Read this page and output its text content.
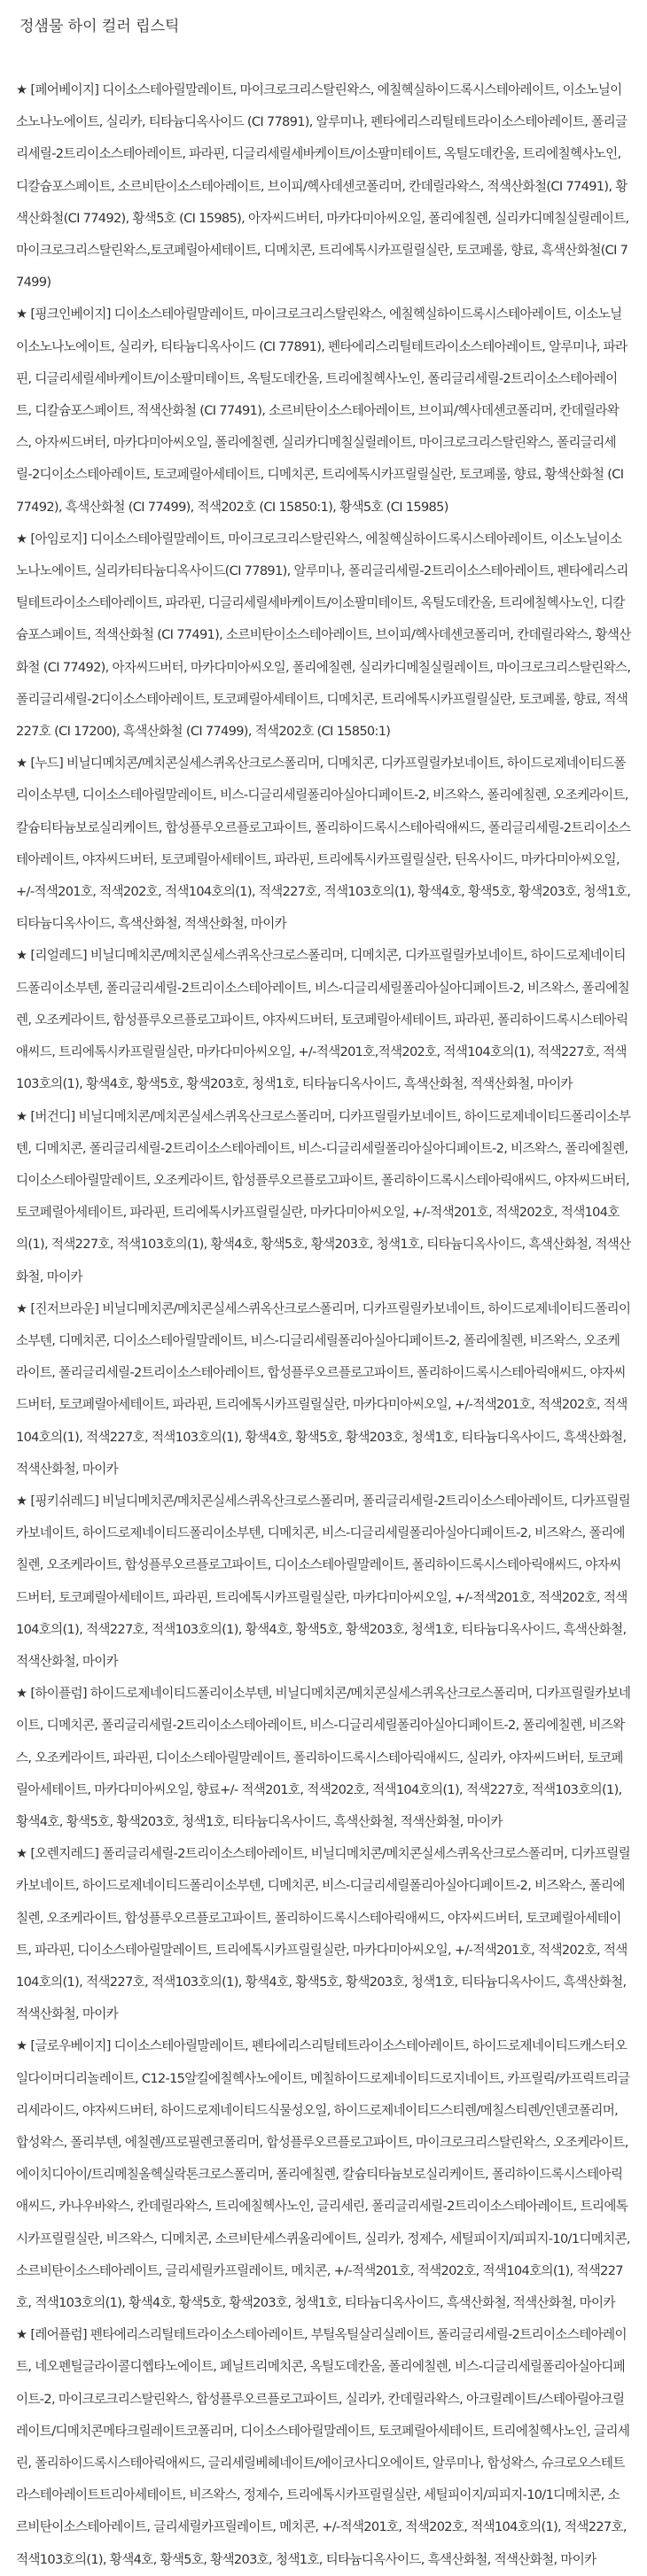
정샘물 하이 컬러 립스틱

★ [페어베이지] 디이소스테아릴말레이트, 마이크로크리스탈린왁스, 에칠헥실하이드록시스테아레이트, 이소노닐이소노나노에이트, 실리카, 티타늄디옥사이드 (CI 77891), 알루미나, 펜타에리스리틸테트라이소스테아레이트, 폴리글리세릴-2트리이소스테아레이트, 파라핀, 디글리세릴세바케이트/이소팔미테이트, 옥틸도데칸올, 트리에칠헥사노인, 디칼슘포스페이트, 소르비탄이소스테아레이트, 브이피/헥사데센코폴리머, 칸데릴라왁스, 적색산화철(CI 77491), 황색산화철(CI 77492), 황색5호 (CI 15985), 아자씨드버터, 마카다미아씨오일, 폴리에칠렌, 실리카디메칠실릴레이트, 마이크로크리스탈린왁스,토코페릴아세테이트, 디메치콘, 트리에톡시카프릴릴실란, 토코페롤, 향료, 흑색산화철(CI 77499)

★ [핑크인베이지] 디이소스테아릴말레이트, 마이크로크리스탈린왁스, 에칠헥실하이드록시스테아레이트, 이소노닐이소노나노에이트, 실리카, 티타늄디옥사이드 (CI 77891), 펜타에리스리틸테트라이소스테아레이트, 알루미나, 파라핀, 디글리세릴세바케이트/이소팔미테이트, 옥틸도데칸올, 트리에칠헥사노인, 폴리글리세릴-2트리이소스테아레이트, 디칼슘포스페이트, 적색산화철 (CI 77491), 소르비탄이소스테아레이트, 브이피/헥사데센코폴리머, 칸데릴라왁스, 아자씨드버터, 마카다미아씨오일, 폴리에칠렌, 실리카디메칠실릴레이트, 마이크로크리스탈린왁스, 폴리글리세릴-2디이소스테아레이트, 토코페릴아세테이트, 디메치콘, 트리에톡시카프릴릴실란, 토코페롤, 향료, 황색산화철 (CI 77492), 흑색산화철 (CI 77499), 적색202호 (CI 15850:1), 황색5호 (CI 15985)

★ [아임로지] 디이소스테아릴말레이트, 마이크로크리스탈린왁스, 에칠헥실하이드록시스테아레이트, 이소노닐이소노나노에이트, 실리카티타늄디옥사이드(CI 77891), 알루미나, 폴리글리세릴-2트리이소스테아레이트, 펜타에리스리틸테트라이소스테아레이트, 파라핀, 디글리세릴세바케이트/이소팔미테이트, 옥틸도데칸올, 트리에칠헥사노인, 디칼슘포스페이트, 적색산화철 (CI 77491), 소르비탄이소스테아레이트, 브이피/헥사데센코폴리머, 칸데릴라왁스, 황색산화철 (CI 77492), 아자씨드버터, 마카다미아씨오일, 폴리에칠렌, 실리카디메칠실릴레이트, 마이크로크리스탈린왁스, 폴리글리세릴-2디이소스테아레이트, 토코페릴아세테이트, 디메치콘, 트리에톡시카프릴릴실란, 토코페롤, 향료, 적색227호 (CI 17200), 흑색산화철 (CI 77499), 적색202호 (CI 15850:1)

★ [누드] 비닐디메치콘/메치콘실세스퀴옥산크로스폴리머, 디메치콘, 디카프릴릴카보네이트, 하이드로제네이티드폴리이소부텐, 디이소스테아릴말레이트, 비스-디글리세릴폴리아실아디페이트-2, 비즈왁스, 폴리에칠렌, 오조케라이트, 칼슘티타늄보로실리케이트, 합성플루오르플로고파이트, 폴리하이드록시스테아릭애씨드, 폴리글리세릴-2트리이소스테아레이트, 야자씨드버터, 토코페릴아세테이트, 파라핀, 트리에톡시카프릴릴실란, 틴옥사이드, 마카다미아씨오일, +/-적색201호, 적색202호, 적색104호의(1), 적색227호, 적색103호의(1), 황색4호, 황색5호, 황색203호, 청색1호, 티타늄디옥사이드, 흑색산화철, 적색산화철, 마이카

★ [리얼레드] 비닐디메치콘/메치콘실세스퀴옥산크로스폴리머, 디메치콘, 디카프릴릴카보네이트, 하이드로제네이티드폴리이소부텐, 폴리글리세릴-2트리이소스테아레이트, 비스-디글리세릴폴리아실아디페이트-2, 비즈왁스, 폴리에칠렌, 오조케라이트, 합성플루오르플로고파이트, 야자씨드버터, 토코페릴아세테이트, 파라핀, 폴리하이드록시스테아릭애씨드, 트리에톡시카프릴릴실란, 마카다미아씨오일, +/-적색201호,적색202호, 적색104호의(1), 적색227호, 적색103호의(1), 황색4호, 황색5호, 황색203호, 청색1호, 티타늄디옥사이드, 흑색산화철, 적색산화철, 마이카

★ [버건디] 비닐디메치콘/메치콘실세스퀴옥산크로스폴리머, 디카프릴릴카보네이트, 하이드로제네이티드폴리이소부텐, 디메치콘, 폴리글리세릴-2트리이소스테아레이트, 비스-디글리세릴폴리아실아디페이트-2, 비즈왁스, 폴리에칠렌, 디이소스테아릴말레이트, 오조케라이트, 합성플루오르플로고파이트, 폴리하이드록시스테아릭애씨드, 야자씨드버터, 토코페릴아세테이트, 파라핀, 트리에톡시카프릴릴실란, 마카다미아씨오일, +/-적색201호, 적색202호, 적색104호의(1), 적색227호, 적색103호의(1), 황색4호, 황색5호, 황색203호, 청색1호, 티타늄디옥사이드, 흑색산화철, 적색산화철, 마이카

★ [진저브라운] 비닐디메치콘/메치콘실세스퀴옥산크로스폴리머, 디카프릴릴카보네이트, 하이드로제네이티드폴리이소부텐, 디메치콘, 디이소스테아릴말레이트, 비스-디글리세릴폴리아실아디페이트-2, 폴리에칠렌, 비즈왁스, 오조케라이트, 폴리글리세릴-2트리이소스테아레이트, 합성플루오르플로고파이트, 폴리하이드록시스테아릭애씨드, 야자씨드버터, 토코페릴아세테이트, 파라핀, 트리에톡시카프릴릴실란, 마카다미아씨오일, +/-적색201호, 적색202호, 적색104호의(1), 적색227호, 적색103호의(1), 황색4호, 황색5호, 황색203호, 청색1호, 티타늄디옥사이드, 흑색산화철, 적색산화철, 마이카

★ [핑키쉬레드] 비닐디메치콘/메치콘실세스퀴옥산크로스폴리머, 폴리글리세릴-2트리이소스테아레이트, 디카프릴릴카보네이트, 하이드로제네이티드폴리이소부텐, 디메치콘, 비스-디글리세릴폴리아실아디페이트-2, 비즈왁스, 폴리에칠렌, 오조케라이트, 합성플루오르플로고파이트, 디이소스테아릴말레이트, 폴리하이드록시스테아릭애씨드, 야자씨드버터, 토코페릴아세테이트, 파라핀, 트리에톡시카프릴릴실란, 마카다미아씨오일, +/-적색201호, 적색202호, 적색104호의(1), 적색227호, 적색103호의(1), 황색4호, 황색5호, 황색203호, 청색1호, 티타늄디옥사이드, 흑색산화철, 적색산화철, 마이카

★ [하이플럼] 하이드로제네이티드폴리이소부텐, 비닐디메치콘/메치콘실세스퀴옥산크로스폴리머, 디카프릴릴카보네이트, 디메치콘, 폴리글리세릴-2트리이소스테아레이트, 비스-디글리세릴폴리아실아디페이트-2, 폴리에칠렌, 비즈왁스, 오조케라이트, 파라핀, 디이소스테아릴말레이트, 폴리하이드록시스테아릭애씨드, 실리카, 야자씨드버터, 토코페릴아세테이트, 마카다미아씨오일, 향료+/- 적색201호, 적색202호, 적색104호의(1), 적색227호, 적색103호의(1), 황색4호, 황색5호, 황색203호, 청색1호, 티타늄디옥사이드, 흑색산화철, 적색산화철, 마이카

★ [오렌지레드] 폴리글리세릴-2트리이소스테아레이트, 비닐디메치콘/메치콘실세스퀴옥산크로스폴리머, 디카프릴릴카보네이트, 하이드로제네이티드폴리이소부텐, 디메치콘, 비스-디글리세릴폴리아실아디페이트-2, 비즈왁스, 폴리에칠렌, 오조케라이트, 합성플루오르플로고파이트, 폴리하이드록시스테아릭애씨드, 야자씨드버터, 토코페릴아세테이트, 파라핀, 디이소스테아릴말레이트, 트리에톡시카프릴릴실란, 마카다미아씨오일, +/-적색201호, 적색202호, 적색104호의(1), 적색227호, 적색103호의(1), 황색4호, 황색5호, 황색203호, 청색1호, 티타늄디옥사이드, 흑색산화철, 적색산화철, 마이카

★ [글로우베이지] 디이소스테아릴말레이트, 펜타에리스리틸테트라이소스테아레이트, 하이드로제네이티드캐스터오일다이머디리놀레이트, C12-15알킬에칠헥사노에이트, 메칠하이드로제네이티드로지네이트, 카프릴릭/카프릭트리글리세라이드, 야자씨드버터, 하이드로제네이티드식물성오일, 하이드로제네이티드스티렌/메칠스티렌/인덴코폴리머, 합성왁스, 폴리부텐, 에칠렌/프로필렌코폴리머, 합성플루오르플로고파이트, 마이크로크리스탈린왁스, 오조케라이트, 에이치디아이/트리메칠올헥실락톤크로스폴리머, 폴리에칠렌, 칼슘티타늄보로실리케이트, 폴리하이드록시스테아릭애씨드, 카나우바왁스, 칸데릴라왁스, 트리에칠헥사노인, 글리세린, 폴리글리세릴-2트리이소스테아레이트, 트리에톡시카프릴릴실란, 비즈왁스, 디메치콘, 소르비탄세스퀴올리에이트, 실리카, 정제수, 세틸피이지/피피지-10/1디메치콘, 소르비탄이소스테아레이트, 글리세릴카프릴레이트, 메치콘, +/-적색201호, 적색202호, 적색104호의(1), 적색227호, 적색103호의(1), 황색4호, 황색5호, 황색203호, 청색1호, 티타늄디옥사이드, 흑색산화철, 적색산화철, 마이카

★ [레어플럼] 펜타에리스리틸테트라이소스테아레이트, 부틸옥틸살리실레이트, 폴리글리세릴-2트리이소스테아레이트, 네오펜틸글라이콜디헵타노에이트, 페닐트리메치콘, 옥틸도데칸올, 폴리에칠렌, 비스-디글리세릴폴리아실아디페이트-2, 마이크로크리스탈린왁스, 합성플루오르플로고파이트, 실리카, 칸데릴라왁스, 아크릴레이트/스테아릴아크릴레이트/디메치콘메타크릴레이트코폴리머, 디이소스테아릴말레이트, 토코페릴아세테이트, 트리에칠헥사노인, 글리세린, 폴리하이드록시스테아릭애씨드, 글리세릴베헤네이트/에이코사디오에이트, 알루미나, 합성왁스, 슈크로오스테트라스테아레이트트리아세테이트, 비즈왁스, 정제수, 트리에톡시카프릴릴실란, 세틸피이지/피피지-10/1디메치콘, 소르비탄이소스테아레이트, 글리세릴카프릴레이트, 메치콘, +/-적색201호, 적색202호, 적색104호의(1), 적색227호, 적색103호의(1), 황색4호, 황색5호, 황색203호, 청색1호, 티타늄디옥사이드, 흑색산화철, 적색산화철, 마이카
